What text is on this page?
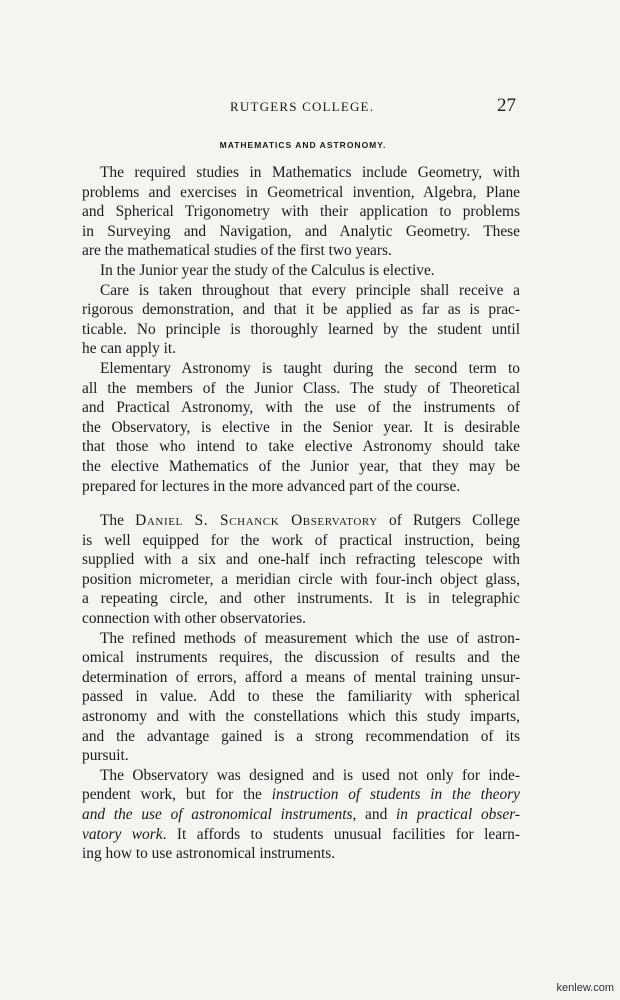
RUTGERS COLLEGE.	27
MATHEMATICS AND ASTRONOMY.

The required studies in Mathematics include Geometry, with
problems and exercises in Geometrical invention, Algebra, Plane
and Spherical Trigonometry with their application to problems
in Surveying and Navigation, and Analytic Geometry. These
are the mathematical studies of the first two years.

In the Junior year the study of the Calculus is elective.

Care is taken throughout that every principle shall receive a
rigorous demonstration, and that it be applied as far as is prac-
ticable. No principle is thoroughly learned by the student until
he can apply it.

Elementary Astronomy is taught during the second term to
all the members of the Junior Class. The study of Theoretical
and Practical Astronomy, with the use of the instruments of
the Observatory, is elective in the Senior year. It is desirable
that those who intend to take elective Astronomy should take
the elective Mathematics of the Junior year, that they may be
prepared for lectures in the more advanced part of the course.

The Daniel S. Schanck Observatory of Rutgers College
is well equipped for the work of practical instruction, being
supplied with a six and one-half inch refracting telescope with
position micrometer, a meridian circle with four-inch object glass,
a repeating circle, and other instruments. It is in telegraphic
connection with other observatories.

The refined methods of measurement which the use of astron-
omical instruments requires, the discussion of results and the
determination of errors, afford a means of mental training unsur-
passed in value. Add to these the familiarity with spherical
astronomy and with the constellations which this study imparts,
and the advantage gained is a strong recommendation of its
pursuit.

The Observatory was designed and is used not only for inde-
pendent work, but for the instruction of students in the theory
and the use of astronomical instruments, and in practical obser-
vatory work. It affords to students unusual facilities for learn-
ing how to use astronomical instruments.

kenlew.com
